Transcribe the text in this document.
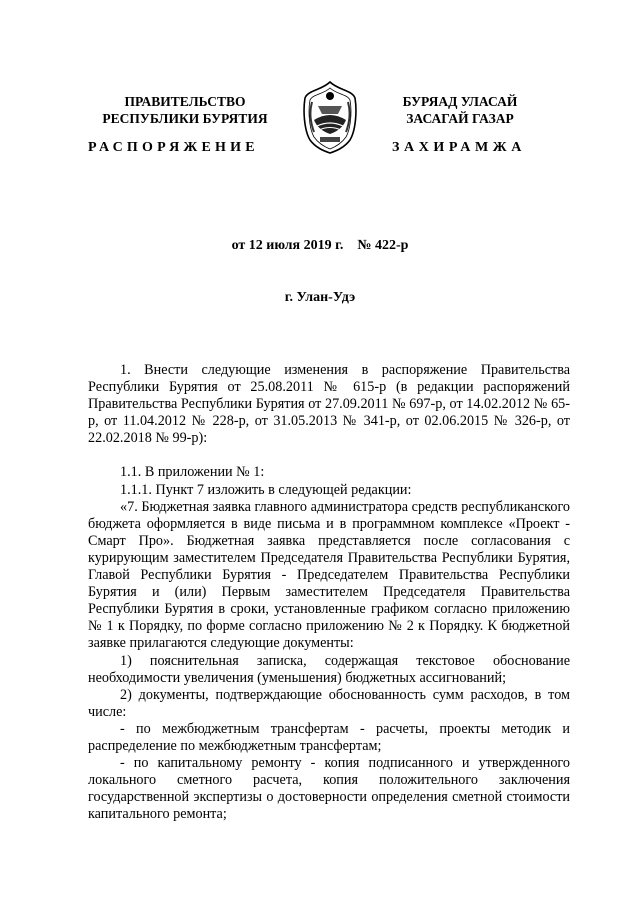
ПРАВИТЕЛЬСТВО
РЕСПУБЛИКИ БУРЯТИЯ
БУРЯАД УЛАСАЙ
ЗАСАГАЙ ГАЗАР
РАСПОРЯЖЕНИЕ	ЗАХИРАМЖА
от 12 июля 2019 г. № 422-р
г. Улан-Удэ

1. Внести следующие изменения в распоряжение Правительства Республики Бурятия от 25.08.2011 № 615-р (в редакции распоряжений Правительства Республики Бурятия от 27.09.2011 № 697-р, от 14.02.2012 № 65-р, от 11.04.2012 № 228-р, от 31.05.2013 № 341-р, от 02.06.2015 № 326-р, от 22.02.2018 № 99-р):

1.1. В приложении № 1:

1.1.1. Пункт 7 изложить в следующей редакции:

«7. Бюджетная заявка главного администратора средств республиканского бюджета оформляется в виде письма и в программном комплексе «Проект - Смарт Про». Бюджетная заявка представляется после согласования с курирующим заместителем Председателя Правительства Республики Бурятия, Главой Республики Бурятия - Председателем Правительства Республики Бурятия и (или) Первым заместителем Председателя Правительства Республики Бурятия в сроки, установленные графиком согласно приложению № 1 к Порядку, по форме согласно приложению № 2 к Порядку. К бюджетной заявке прилагаются следующие документы:

1) пояснительная записка, содержащая текстовое обоснование необходимости увеличения (уменьшения) бюджетных ассигнований;

2) документы, подтверждающие обоснованность сумм расходов, в том числе:

- по межбюджетным трансфертам - расчеты, проекты методик и распределение по межбюджетным трансфертам;

- по капитальному ремонту - копия подписанного и утвержденного локального сметного расчета, копия положительного заключения государственной экспертизы о достоверности определения сметной стоимости капитального ремонта;
